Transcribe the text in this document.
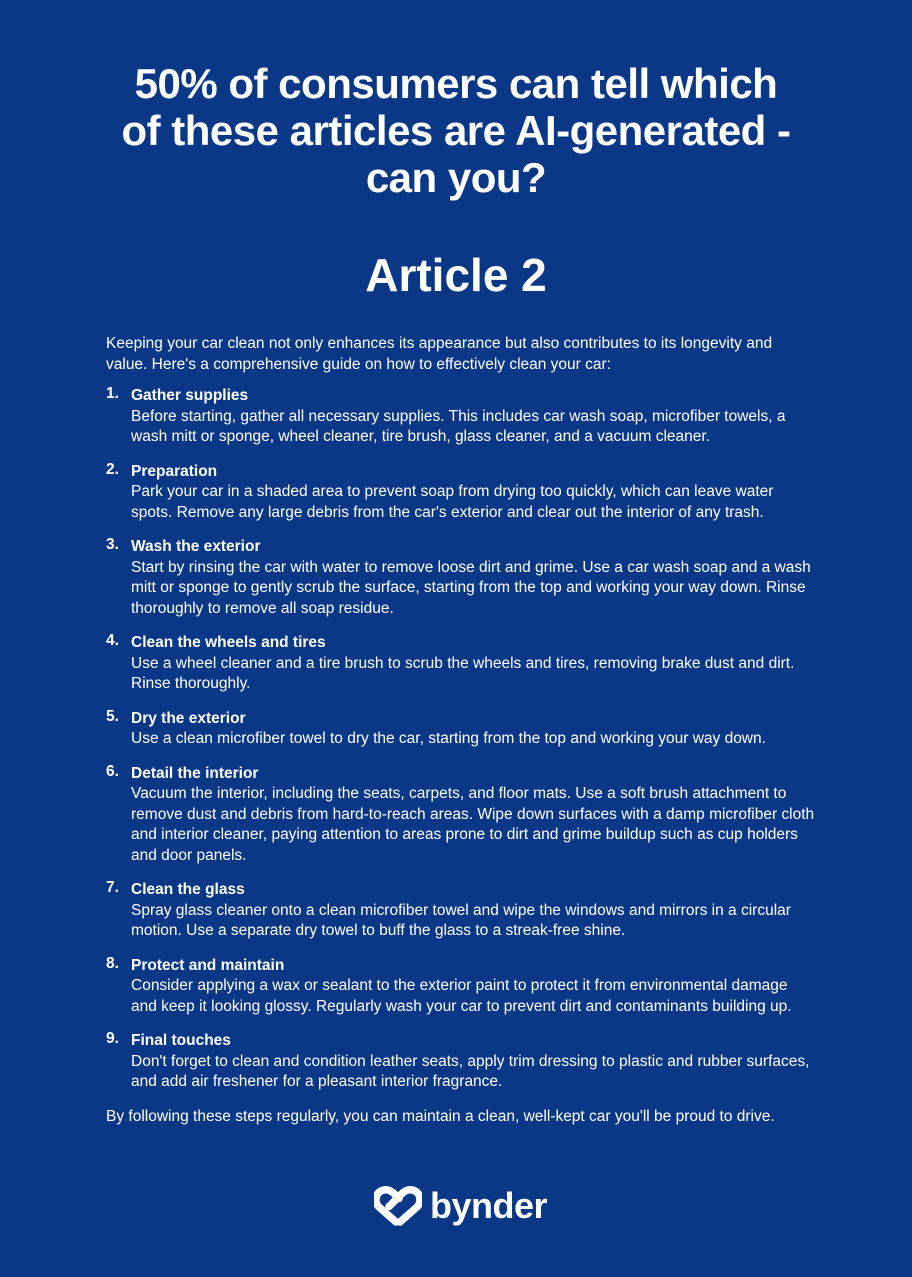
50% of consumers can tell which of these articles are AI-generated - can you?
Article 2

Keeping your car clean not only enhances its appearance but also contributes to its longevity and value. Here's a comprehensive guide on how to effectively clean your car:

1. Gather supplies
Before starting, gather all necessary supplies. This includes car wash soap, microfiber towels, a wash mitt or sponge, wheel cleaner, tire brush, glass cleaner, and a vacuum cleaner.
2. Preparation
Park your car in a shaded area to prevent soap from drying too quickly, which can leave water spots. Remove any large debris from the car's exterior and clear out the interior of any trash.
3. Wash the exterior
Start by rinsing the car with water to remove loose dirt and grime. Use a car wash soap and a wash mitt or sponge to gently scrub the surface, starting from the top and working your way down. Rinse thoroughly to remove all soap residue.
4. Clean the wheels and tires
Use a wheel cleaner and a tire brush to scrub the wheels and tires, removing brake dust and dirt. Rinse thoroughly.
5. Dry the exterior
Use a clean microfiber towel to dry the car, starting from the top and working your way down.
6. Detail the interior
Vacuum the interior, including the seats, carpets, and floor mats. Use a soft brush attachment to remove dust and debris from hard-to-reach areas. Wipe down surfaces with a damp microfiber cloth and interior cleaner, paying attention to areas prone to dirt and grime buildup such as cup holders and door panels.
7. Clean the glass
Spray glass cleaner onto a clean microfiber towel and wipe the windows and mirrors in a circular motion. Use a separate dry towel to buff the glass to a streak-free shine.
8. Protect and maintain
Consider applying a wax or sealant to the exterior paint to protect it from environmental damage and keep it looking glossy. Regularly wash your car to prevent dirt and contaminants building up.
9. Final touches
Don't forget to clean and condition leather seats, apply trim dressing to plastic and rubber surfaces, and add air freshener for a pleasant interior fragrance.

By following these steps regularly, you can maintain a clean, well-kept car you'll be proud to drive.

bynder
